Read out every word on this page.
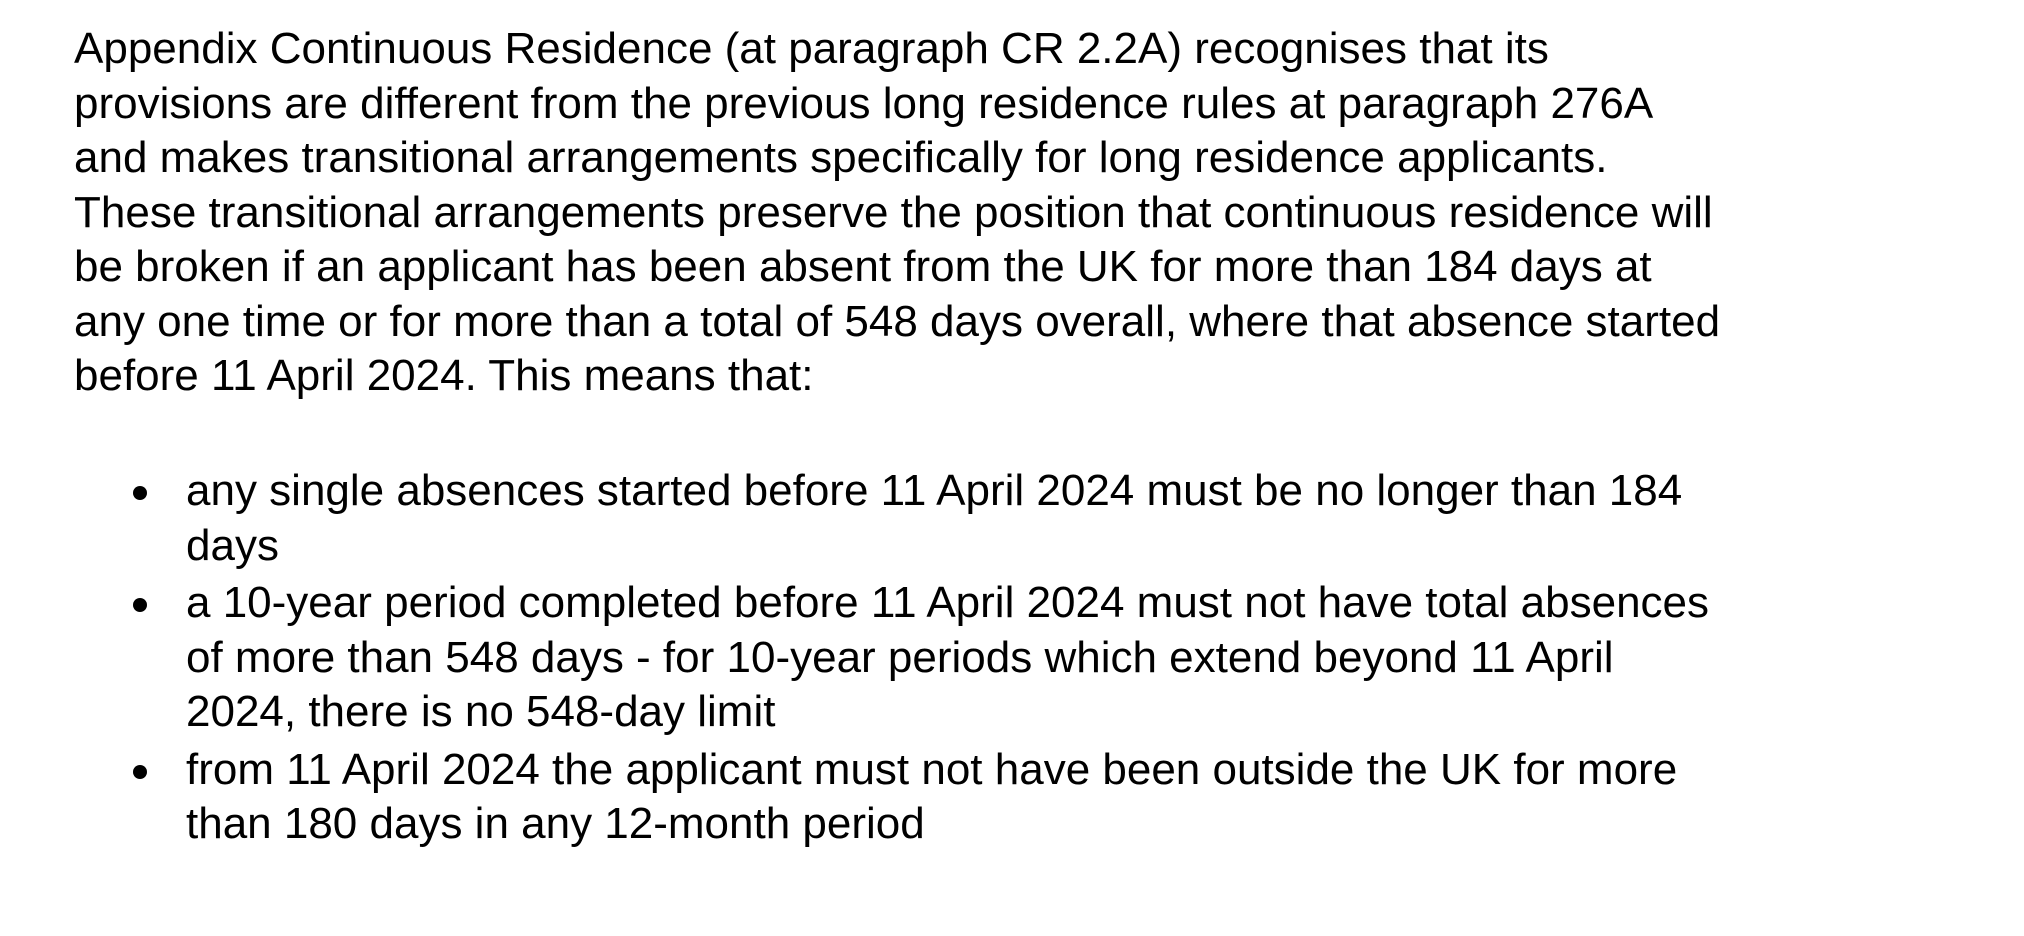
Appendix Continuous Residence (at paragraph CR 2.2A) recognises that its
provisions are different from the previous long residence rules at paragraph 276A
and makes transitional arrangements specifically for long residence applicants.
These transitional arrangements preserve the position that continuous residence will
be broken if an applicant has been absent from the UK for more than 184 days at
any one time or for more than a total of 548 days overall, where that absence started
before 11 April 2024. This means that:

any single absences started before 11 April 2024 must be no longer than 184
days
a 10-year period completed before 11 April 2024 must not have total absences
of more than 548 days - for 10-year periods which extend beyond 11 April
2024, there is no 548-day limit
from 11 April 2024 the applicant must not have been outside the UK for more
than 180 days in any 12-month period
